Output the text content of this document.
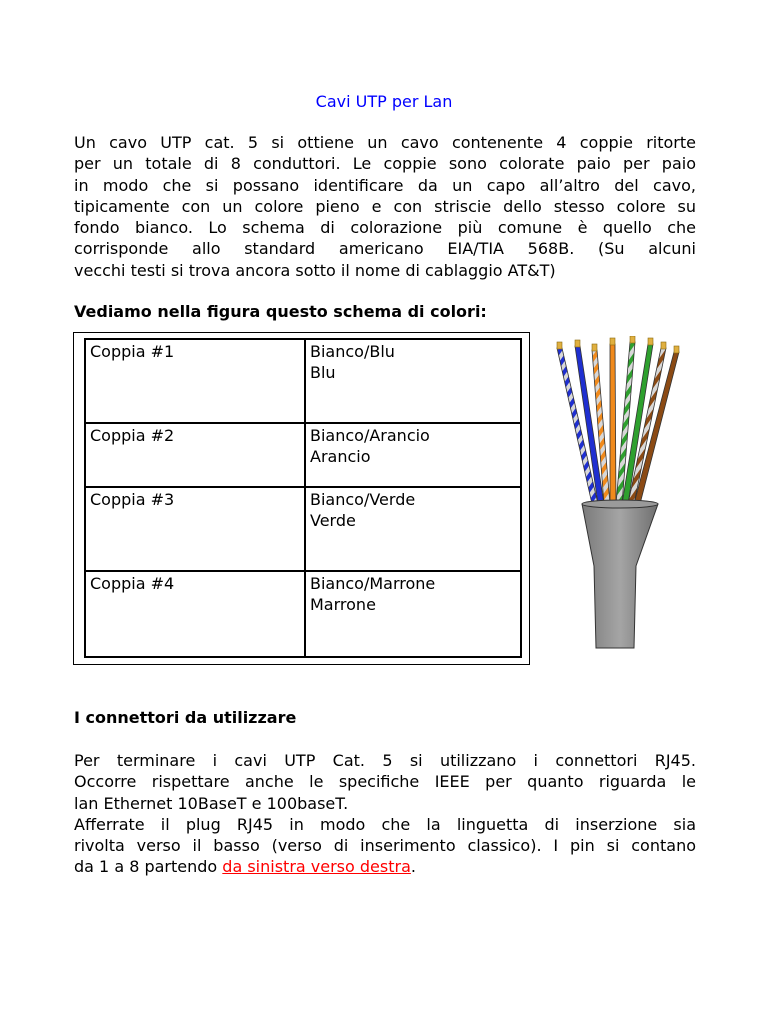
Cavi UTP per Lan
Un cavo UTP cat. 5 si ottiene un cavo contenente 4 coppie ritorte
per un totale di 8 conduttori. Le coppie sono colorate paio per paio
in modo che si possano identificare da un capo all’altro del cavo,
tipicamente con un colore pieno e con striscie dello stesso colore su
fondo bianco. Lo schema di colorazione più comune è quello che
corrisponde allo standard americano EIA/TIA 568B. (Su alcuni
vecchi testi si trova ancora sotto il nome di cablaggio AT&T)
Vediamo nella figura questo schema di colori:
Coppia #1	Bianco/Blu
Blu

Coppia #2	Bianco/Arancio
Arancio

Coppia #3	Bianco/Verde
Verde

Coppia #4	Bianco/Marrone
Marrone
I connettori da utilizzare
Per terminare i cavi UTP Cat. 5 si utilizzano i connettori RJ45.
Occorre rispettare anche le specifiche IEEE per quanto riguarda le
lan Ethernet 10BaseT e 100baseT.
Afferrate il plug RJ45 in modo che la linguetta di inserzione sia
rivolta verso il basso (verso di inserimento classico). I pin si contano
da 1 a 8 partendo da sinistra verso destra.
